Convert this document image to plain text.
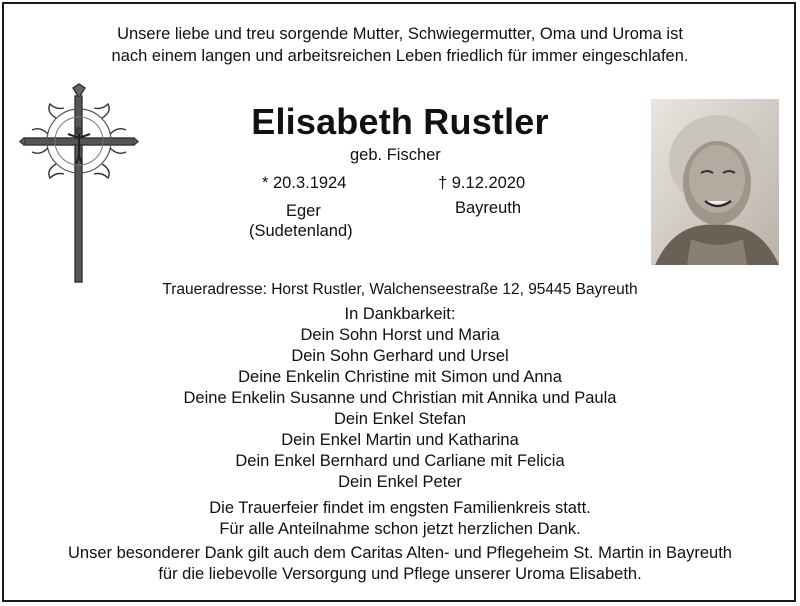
Unsere liebe und treu sorgende Mutter, Schwiegermutter, Oma und Uroma ist
nach einem langen und arbeitsreichen Leben friedlich für immer eingeschlafen.
Elisabeth Rustler
geb. Fischer
* 20.3.1924	† 9.12.2020
Eger
(Sudetenland)
Bayreuth
Traueradresse: Horst Rustler, Walchenseestraße 12, 95445 Bayreuth
In Dankbarkeit:
Dein Sohn Horst und Maria
Dein Sohn Gerhard und Ursel
Deine Enkelin Christine mit Simon und Anna
Deine Enkelin Susanne und Christian mit Annika und Paula
Dein Enkel Stefan
Dein Enkel Martin und Katharina
Dein Enkel Bernhard und Carliane mit Felicia
Dein Enkel Peter
Die Trauerfeier findet im engsten Familienkreis statt.
Für alle Anteilnahme schon jetzt herzlichen Dank.
Unser besonderer Dank gilt auch dem Caritas Alten- und Pflegeheim St. Martin in Bayreuth
für die liebevolle Versorgung und Pflege unserer Uroma Elisabeth.
